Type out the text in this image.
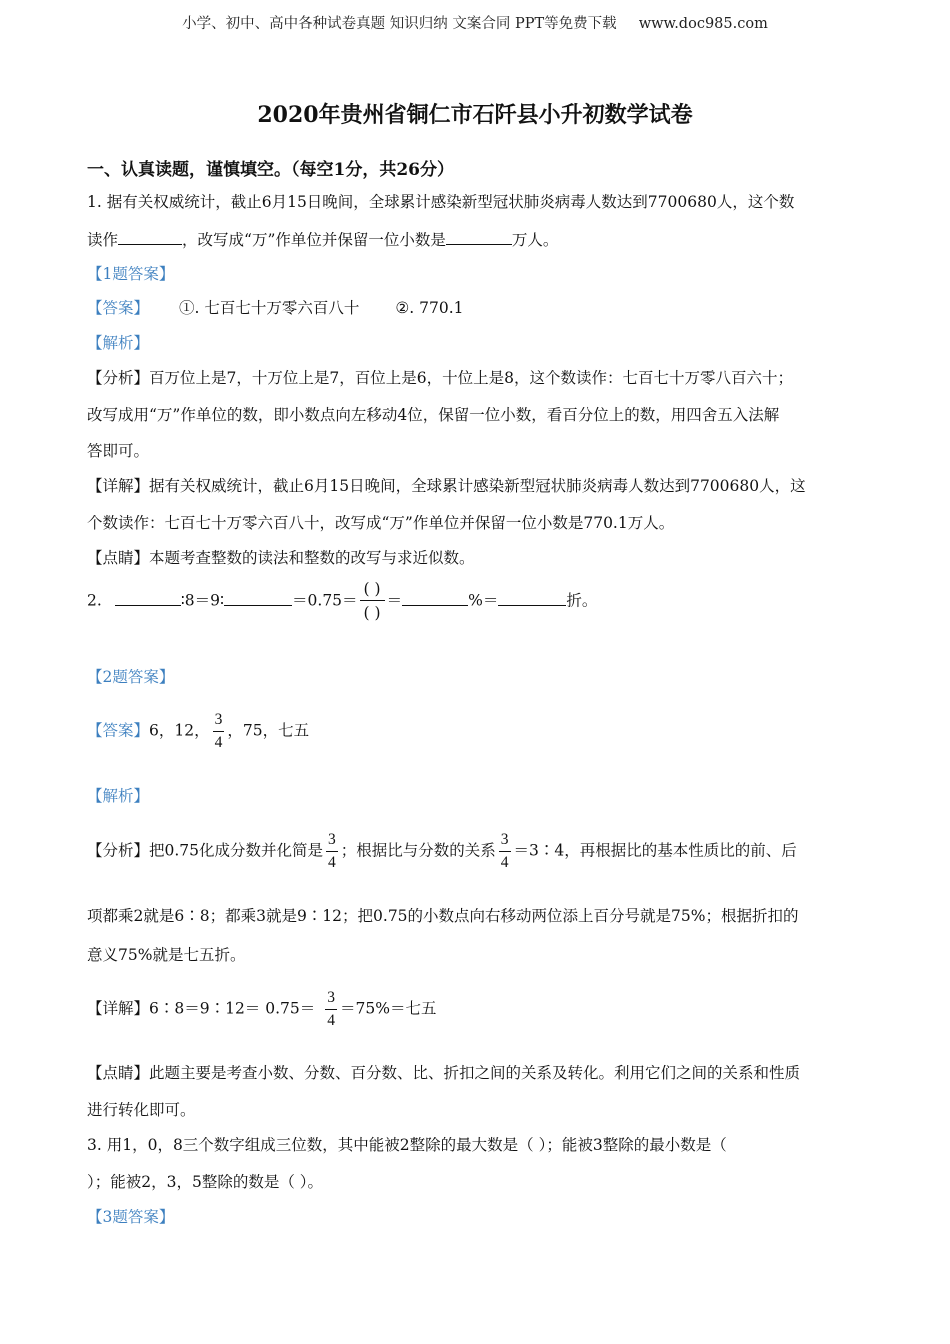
小学、初中、高中各种试卷真题 知识归纳 文案合同 PPT等免费下载 www.doc985.com
2020年贵州省铜仁市石阡县小升初数学试卷
一、认真读题，谨慎填空。（每空1分，共26分）
1. 据有关权威统计，截止6月15日晚间，全球累计感染新型冠状肺炎病毒人数达到7700680人，这个数
读作	，改写成“万”作单位并保留一位小数是	万人。
【1题答案】
【答案】 ①. 七百七十万零六百八十 ②. 770.1
【解析】
【分析】百万位上是7，十万位上是7，百位上是6，十位上是8，这个数读作：七百七十万零八百六十；
改写成用“万”作单位的数，即小数点向左移动4位，保留一位小数，看百分位上的数，用四舍五入法解
答即可。
【详解】据有关权威统计，截止6月15日晚间，全球累计感染新型冠状肺炎病毒人数达到7700680人，这
个数读作：七百七十万零六百八十，改写成“万”作单位并保留一位小数是770.1万人。
【点睛】本题考查整数的读法和整数的改写与求近似数。
2.	∶8＝9∶	＝0.75＝
( )
( )
＝	%＝	折。
【2题答案】
【答案】6，12， $\frac{3}{4}$ ，75，七五
【解析】
【分析】把0.75化成分数并化简是 $\frac{3}{4}$ ；根据比与分数的关系 $\frac{3}{4}$ ＝3∶4，再根据比的基本性质比的前、后
项都乘2就是6∶8；都乘3就是9∶12；把0.75的小数点向右移动两位添上百分号就是75%；根据折扣的
意义75%就是七五折。
【详解】6∶8＝9∶12＝ $0.75= \frac{3}{4} =75\%=$七五
【点睛】此题主要是考查小数、分数、百分数、比、折扣之间的关系及转化。利用它们之间的关系和性质
进行转化即可。
3. 用1，0，8三个数字组成三位数，其中能被2整除的最大数是（ ）；能被3整除的最小数是（
）；能被2，3，5整除的数是（ ）。
【3题答案】
